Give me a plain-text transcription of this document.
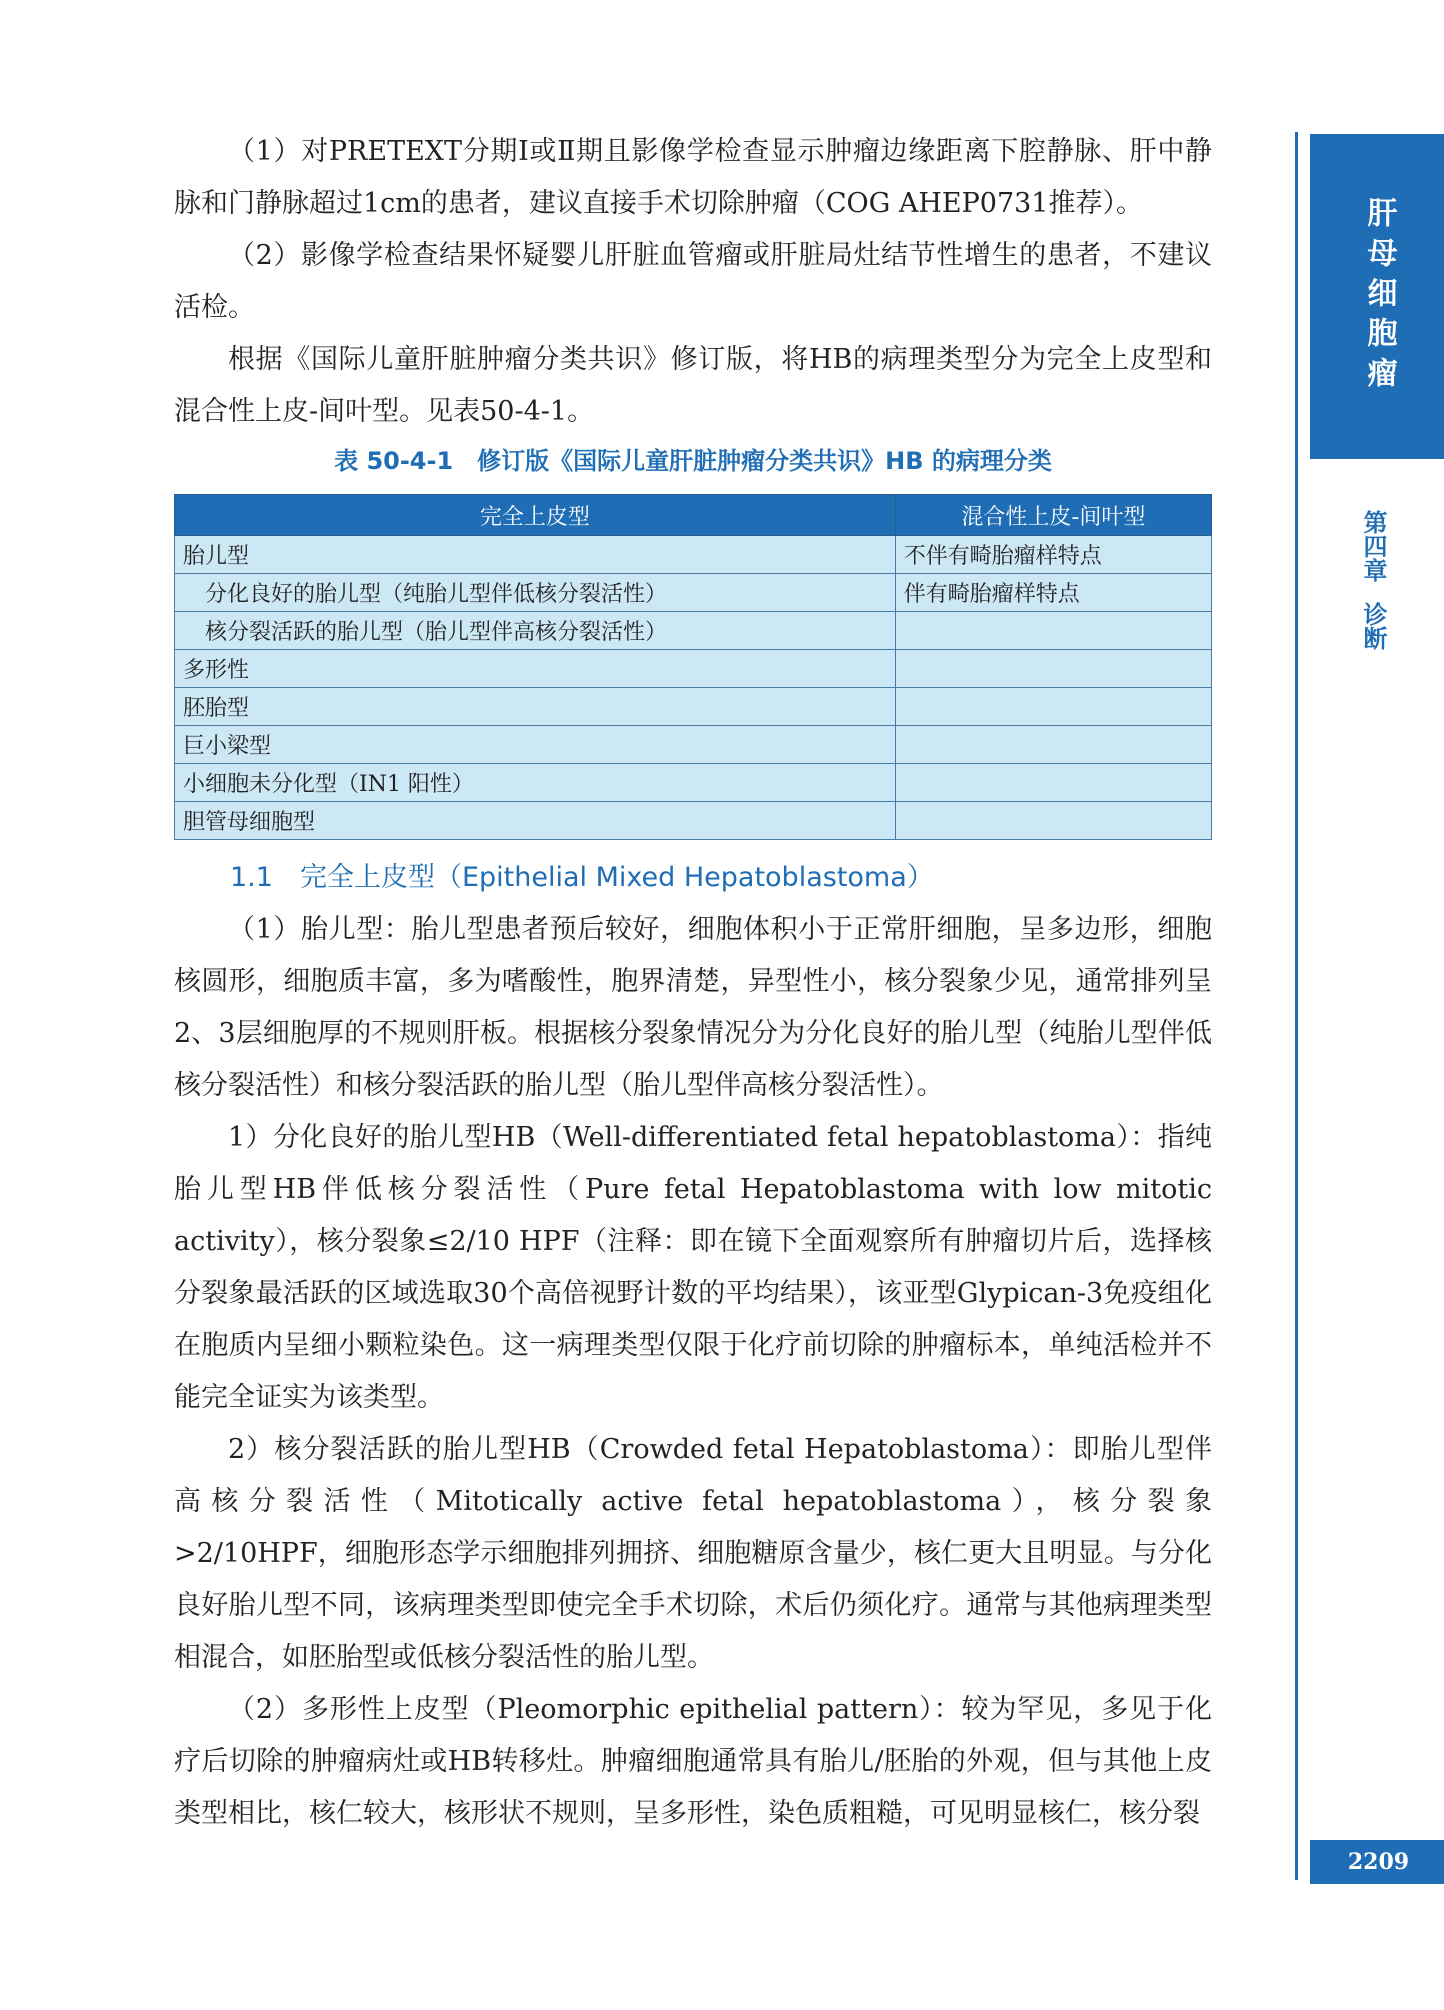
（1）对PRETEXT分期Ⅰ或Ⅱ期且影像学检查显示肿瘤边缘距离下腔静脉、肝中静脉和门静脉超过1cm的患者，建议直接手术切除肿瘤（COG AHEP0731推荐）。

（2）影像学检查结果怀疑婴儿肝脏血管瘤或肝脏局灶结节性增生的患者，不建议活检。

根据《国际儿童肝脏肿瘤分类共识》修订版，将HB的病理类型分为完全上皮型和混合性上皮-间叶型。见表50-4-1。

表 50-4-1　修订版《国际儿童肝脏肿瘤分类共识》HB 的病理分类
完全上皮型	混合性上皮-间叶型
胎儿型	不伴有畸胎瘤样特点
分化良好的胎儿型（纯胎儿型伴低核分裂活性）	伴有畸胎瘤样特点
核分裂活跃的胎儿型（胎儿型伴高核分裂活性）	
多形性	
胚胎型	
巨小梁型	
小细胞未分化型（IN1 阳性）	
胆管母细胞型	
1.1　完全上皮型（Epithelial Mixed Hepatoblastoma）

（1）胎儿型：胎儿型患者预后较好，细胞体积小于正常肝细胞，呈多边形，细胞核圆形，细胞质丰富，多为嗜酸性，胞界清楚，异型性小，核分裂象少见，通常排列呈2、3层细胞厚的不规则肝板。根据核分裂象情况分为分化良好的胎儿型（纯胎儿型伴低核分裂活性）和核分裂活跃的胎儿型（胎儿型伴高核分裂活性）。

1）分化良好的胎儿型HB（Well-differentiated fetal hepatoblastoma）：指纯胎儿型HB伴低核分裂活性（Pure fetal Hepatoblastoma with low mitotic activity），核分裂象≤2/10 HPF（注释：即在镜下全面观察所有肿瘤切片后，选择核分裂象最活跃的区域选取30个高倍视野计数的平均结果），该亚型Glypican-3免疫组化在胞质内呈细小颗粒染色。这一病理类型仅限于化疗前切除的肿瘤标本，单纯活检并不能完全证实为该类型。

2）核分裂活跃的胎儿型HB（Crowded fetal Hepatoblastoma）：即胎儿型伴高核分裂活性（Mitotically active fetal hepatoblastoma），核分裂象>2/10HPF，细胞形态学示细胞排列拥挤、细胞糖原含量少，核仁更大且明显。与分化良好胎儿型不同，该病理类型即使完全手术切除，术后仍须化疗。通常与其他病理类型相混合，如胚胎型或低核分裂活性的胎儿型。

（2）多形性上皮型（Pleomorphic epithelial pattern）：较为罕见，多见于化疗后切除的肿瘤病灶或HB转移灶。肿瘤细胞通常具有胎儿/胚胎的外观，但与其他上皮类型相比，核仁较大，核形状不规则，呈多形性，染色质粗糙，可见明显核仁，核分裂

肝母细胞瘤
第四章
诊断
2209
